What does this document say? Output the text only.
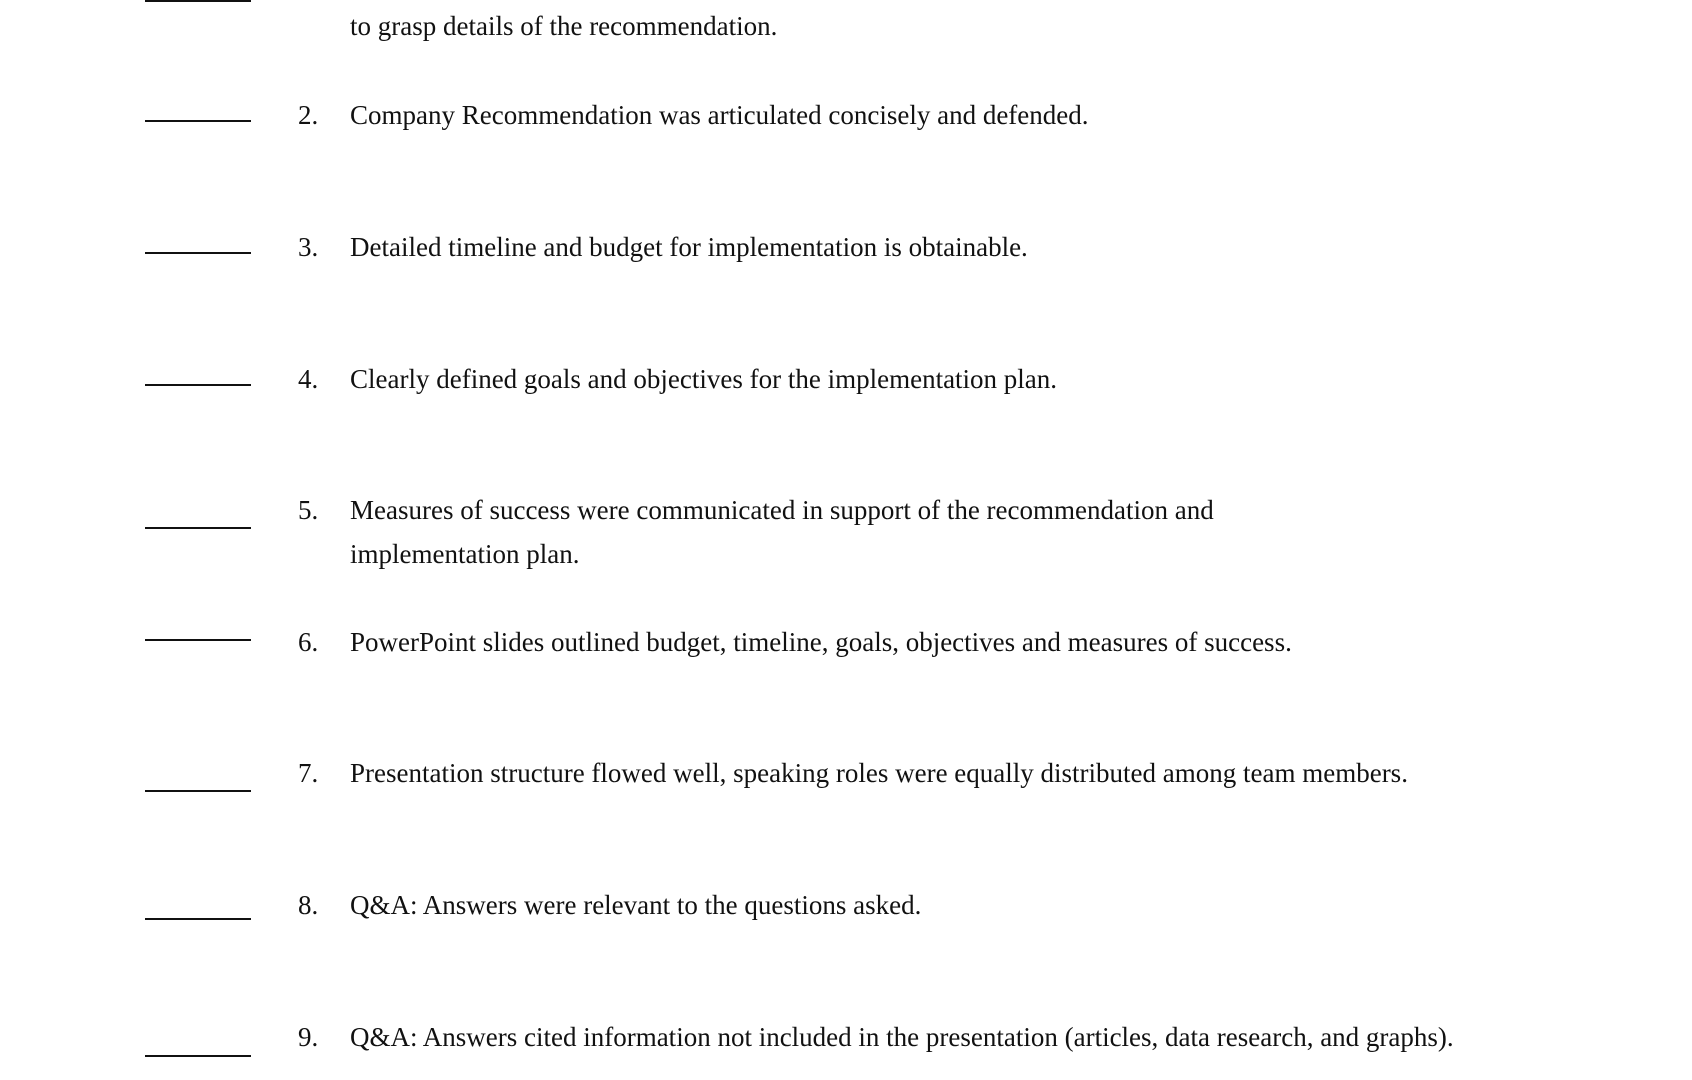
to grasp details of the recommendation.
2. Company Recommendation was articulated concisely and defended.
3. Detailed timeline and budget for implementation is obtainable.
4. Clearly defined goals and objectives for the implementation plan.
5. Measures of success were communicated in support of the recommendation and implementation plan.
6. PowerPoint slides outlined budget, timeline, goals, objectives and measures of success.
7. Presentation structure flowed well, speaking roles were equally distributed among team members.
8. Q&A: Answers were relevant to the questions asked.
9. Q&A: Answers cited information not included in the presentation (articles, data research, and graphs).
